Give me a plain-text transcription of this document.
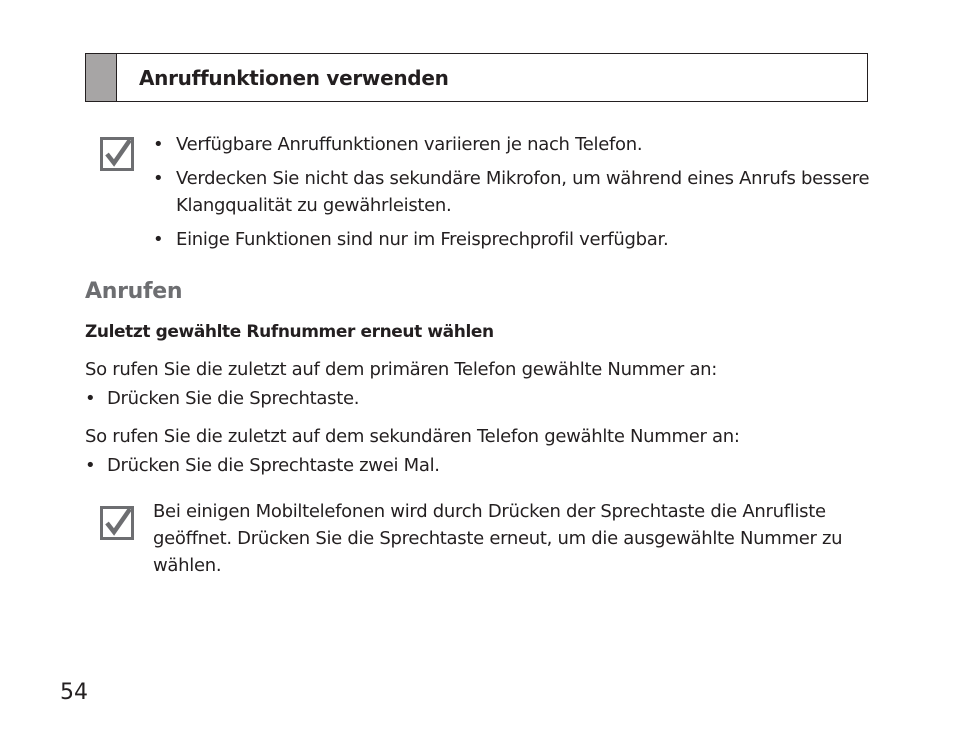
Anruffunktionen verwenden
• Verfügbare Anruffunktionen variieren je nach Telefon.
• Verdecken Sie nicht das sekundäre Mikrofon, um während eines Anrufs bessere Klangqualität zu gewährleisten.
• Einige Funktionen sind nur im Freisprechprofil verfügbar.
Anrufen
Zuletzt gewählte Rufnummer erneut wählen
So rufen Sie die zuletzt auf dem primären Telefon gewählte Nummer an:
• Drücken Sie die Sprechtaste.
So rufen Sie die zuletzt auf dem sekundären Telefon gewählte Nummer an:
• Drücken Sie die Sprechtaste zwei Mal.
Bei einigen Mobiltelefonen wird durch Drücken der Sprechtaste die Anrufliste geöffnet. Drücken Sie die Sprechtaste erneut, um die ausgewählte Nummer zu wählen.
54
